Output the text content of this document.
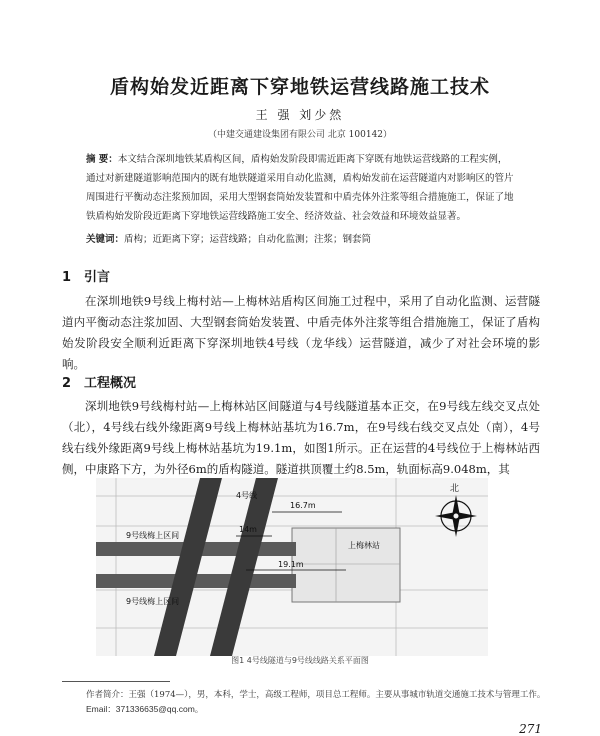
盾构始发近距离下穿地铁运营线路施工技术
王 强 刘少然
（中建交通建设集团有限公司 北京 100142）
摘 要：本文结合深圳地铁某盾构区间，盾构始发阶段即需近距离下穿既有地铁运营线路的工程实例，通过对新建隧道影响范围内的既有地铁隧道采用自动化监测，盾构始发前在运营隧道内对影响区的管片周围进行平衡动态注浆预加固，采用大型钢套筒始发装置和中盾壳体外注浆等组合措施施工，保证了地铁盾构始发阶段近距离下穿地铁运营线路施工安全、经济效益、社会效益和环境效益显著。
关键词：盾构；近距离下穿；运营线路；自动化监测；注浆；钢套筒
1 引言
在深圳地铁9号线上梅村站—上梅林站盾构区间施工过程中，采用了自动化监测、运营隧道内平衡动态注浆加固、大型钢套筒始发装置、中盾壳体外注浆等组合措施施工，保证了盾构始发阶段安全顺利近距离下穿深圳地铁4号线（龙华线）运营隧道，减少了对社会环境的影响。
2 工程概况
深圳地铁9号线梅村站—上梅林站区间隧道与4号线隧道基本正交，在9号线左线交叉点处（北），4号线右线外缘距离9号线上梅林站基坑为16.7m，在9号线右线交叉点处（南），4号线右线外缘距离9号线上梅林站基坑为19.1m，如图1所示。正在运营的4号线位于上梅林站西侧，中康路下方，为外径6m的盾构隧道。隧道拱顶覆土约8.5m，轨面标高9.048m，其
4号线
16.7m
14m
19.1m
9号线梅上区间
9号线梅上区间
上梅林站
北
图1 4号线隧道与9号线线路关系平面图
作者简介：王强（1974—），男，本科，学士，高级工程师，项目总工程师。主要从事城市轨道交通施工技术与管理工作。
Email：371336635@qq.com。
271
